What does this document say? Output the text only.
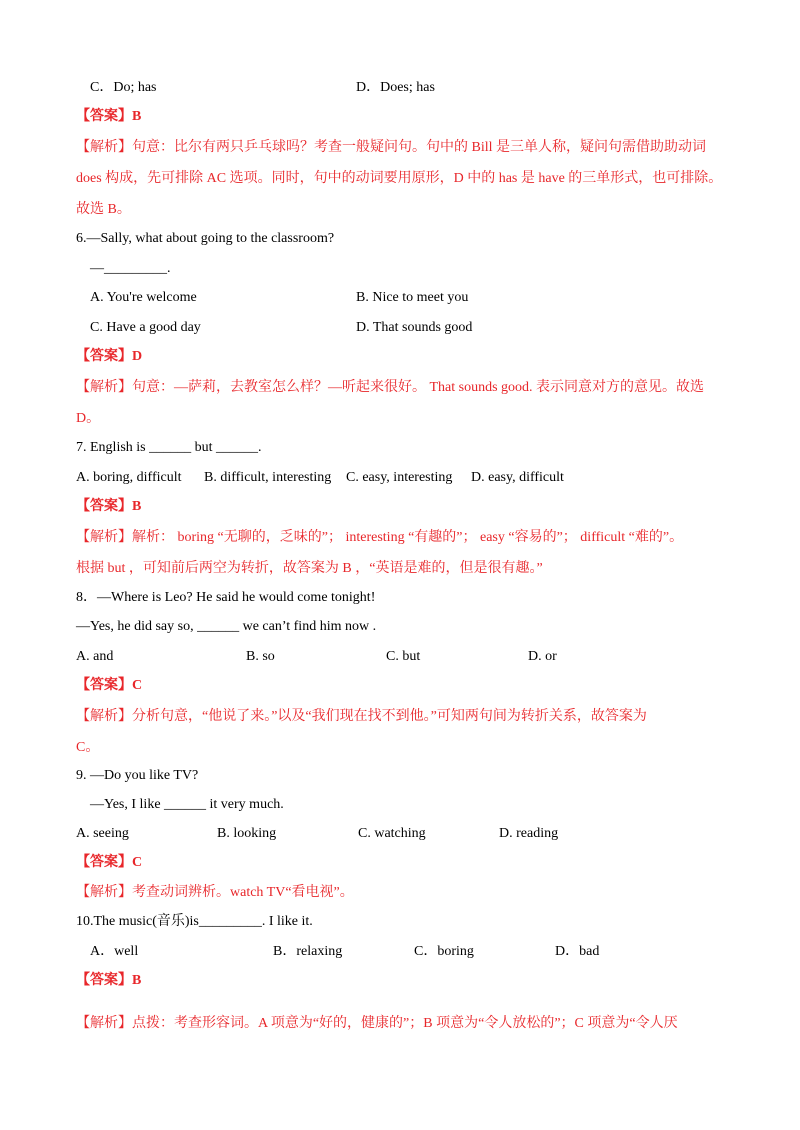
C．Do; has	D．Does; has
【答案】B
【解析】句意：比尔有两只乒乓球吗？考查一般疑问句。句中的 Bill 是三单人称，疑问句需借助助动词
does 构成，先可排除 AC 选项。同时，句中的动词要用原形，D 中的 has 是 have 的三单形式，也可排除。
故选 B。
6.—Sally, what about going to the classroom?
—_________.
A. You're welcome	B. Nice to meet you
C. Have a good day	D. That sounds good
【答案】D
【解析】句意：—萨莉，去教室怎么样？—听起来很好。 That sounds good. 表示同意对方的意见。故选
D。
7. English is ______ but ______.
A. boring, difficult B. difficult, interesting C. easy, interesting D. easy, difficult
【答案】B
【解析】解析： boring “无聊的，乏味的”； interesting “有趣的”； easy “容易的”； difficult “难的”。
根据 but ，可知前后两空为转折，故答案为 B ，“英语是难的，但是很有趣。”
8．—Where is Leo? He said he would come tonight!
—Yes, he did say so, ______ we can’t find him now .
A. and	B. so	C. but	D. or
【答案】C
【解析】分析句意，“他说了来。”以及“我们现在找不到他。”可知两句间为转折关系，故答案为
C。
9. —Do you like TV?
—Yes, I like ______ it very much.
A. seeing	B. looking	C. watching	D. reading
【答案】C
【解析】考查动词辨析。watch TV“看电视”。
10.The music(音乐)is_________. I like it.
A．well	B．relaxing	C．boring	D．bad
【答案】B
【解析】点拨：考查形容词。A 项意为“好的，健康的”；B 项意为“令人放松的”；C 项意为“令人厌
